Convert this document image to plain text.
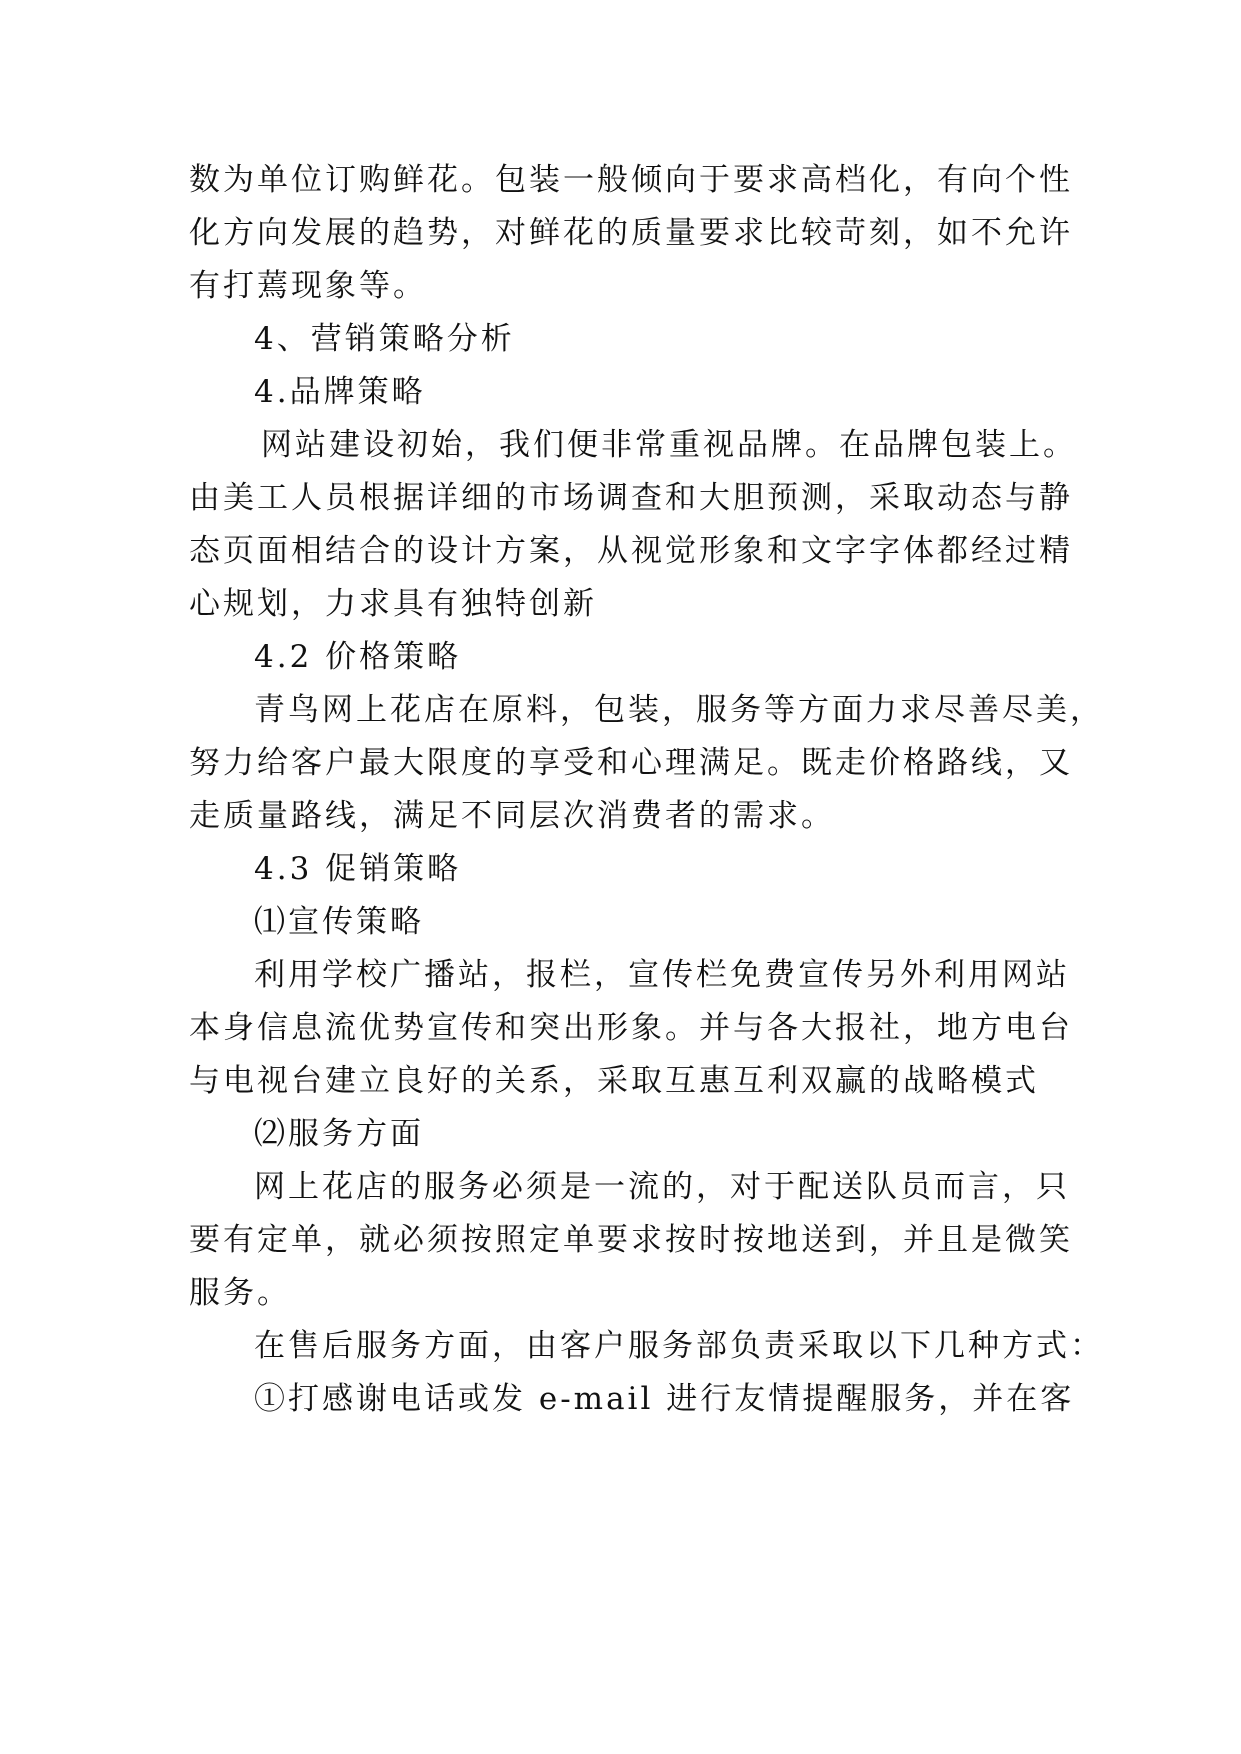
数为单位订购鲜花。包装一般倾向于要求高档化，有向个性
化方向发展的趋势，对鲜花的质量要求比较苛刻，如不允许
有打蔫现象等。
4、营销策略分析
4.品牌策略
网站建设初始，我们便非常重视品牌。在品牌包装上。
由美工人员根据详细的市场调查和大胆预测，采取动态与静
态页面相结合的设计方案，从视觉形象和文字字体都经过精
心规划，力求具有独特创新
4.2 价格策略
青鸟网上花店在原料，包装，服务等方面力求尽善尽美，
努力给客户最大限度的享受和心理满足。既走价格路线，又
走质量路线，满足不同层次消费者的需求。
4.3 促销策略
⑴宣传策略
利用学校广播站，报栏，宣传栏免费宣传另外利用网站
本身信息流优势宣传和突出形象。并与各大报社，地方电台
与电视台建立良好的关系，采取互惠互利双赢的战略模式
⑵服务方面
网上花店的服务必须是一流的，对于配送队员而言，只
要有定单，就必须按照定单要求按时按地送到，并且是微笑
服务。
在售后服务方面，由客户服务部负责采取以下几种方式：
①打感谢电话或发 e-mail 进行友情提醒服务，并在客
